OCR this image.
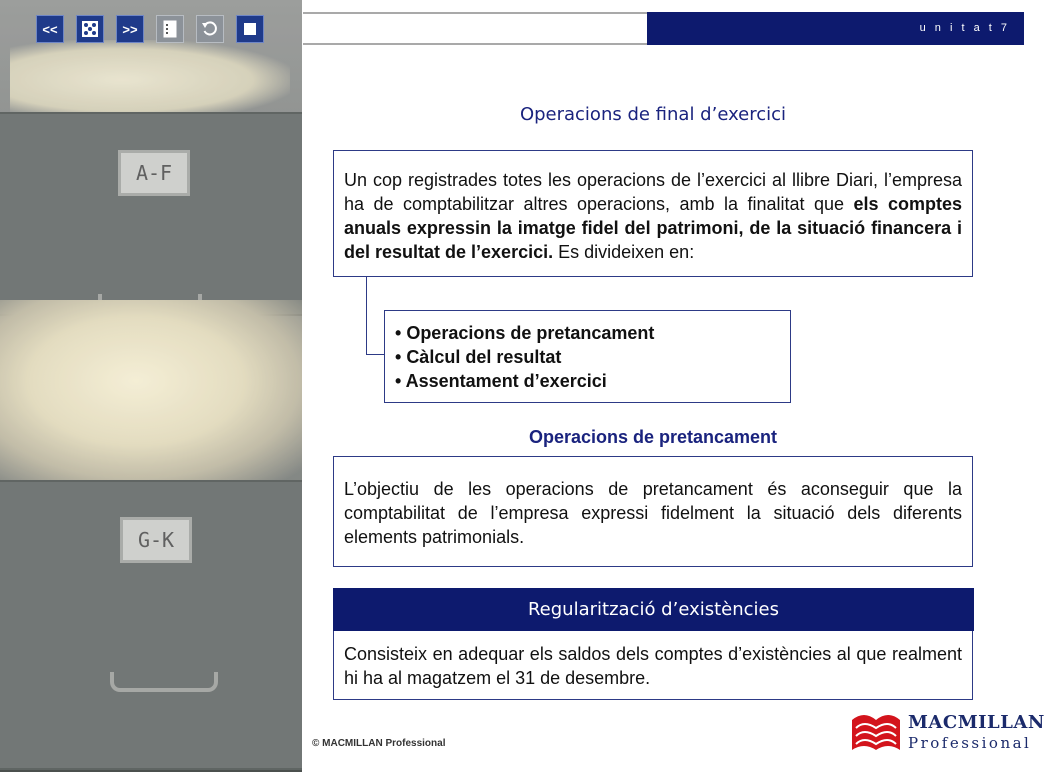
A-F
G-K
<<	>>	u n i t a t 7
Operacions de final d’exercici

Un cop registrades totes les operacions de l’exercici al llibre Diari, l’empresa ha de comptabilitzar altres operacions, amb la finalitat que els comptes anuals expressin la imatge fidel del patrimoni, de la situació financera i del resultat de l’exercici. Es divideixen en:

• Operacions de pretancament
• Càlcul del resultat
• Assentament d’exercici
Operacions de pretancament

L’objectiu de les operacions de pretancament és aconseguir que la comptabilitat de l’empresa expressi fidelment la situació dels diferents elements patrimonials.

Regularització d’existències

Consisteix en adequar els saldos dels comptes d’existències al que realment hi ha al magatzem el 31 de desembre.

© MACMILLAN Professional
MACMILLAN
Professional
